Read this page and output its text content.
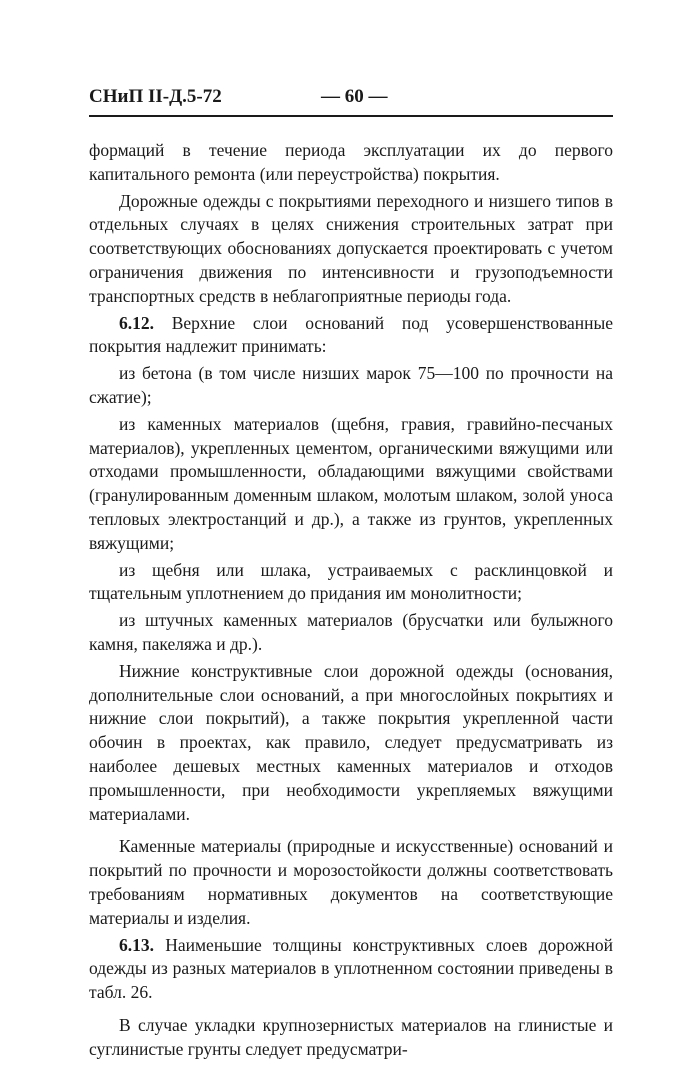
СНиП II-Д.5-72	— 60 —

формаций в течение периода эксплуатации их до первого капитального ремонта (или переустройства) покрытия.

Дорожные одежды с покрытиями переходного и низшего типов в отдельных случаях в целях снижения строительных затрат при соответствующих обоснованиях допускается проектировать с учетом ограничения движения по интенсивности и грузоподъемности транспортных средств в неблагоприятные периоды года.

6.12. Верхние слои оснований под усовершенствованные покрытия надлежит принимать:

из бетона (в том числе низших марок 75—100 по прочности на сжатие);

из каменных материалов (щебня, гравия, гравийно-песчаных материалов), укрепленных цементом, органическими вяжущими или отходами промышленности, обладающими вяжущими свойствами (гранулированным доменным шлаком, молотым шлаком, золой уноса тепловых электростанций и др.), а также из грунтов, укрепленных вяжущими;

из щебня или шлака, устраиваемых с расклинцовкой и тщательным уплотнением до придания им монолитности;

из штучных каменных материалов (брусчатки или булыжного камня, пакеляжа и др.).

Нижние конструктивные слои дорожной одежды (основания, дополнительные слои оснований, а при многослойных покрытиях и нижние слои покрытий), а также покрытия укрепленной части обочин в проектах, как правило, следует предусматривать из наиболее дешевых местных каменных материалов и отходов промышленности, при необходимости укрепляемых вяжущими материалами.

Каменные материалы (природные и искусственные) оснований и покрытий по прочности и морозостойкости должны соответствовать требованиям нормативных документов на соответствующие материалы и изделия.

6.13. Наименьшие толщины конструктивных слоев дорожной одежды из разных материалов в уплотненном состоянии приведены в табл. 26.

В случае укладки крупнозернистых материалов на глинистые и суглинистые грунты следует предусматри-
